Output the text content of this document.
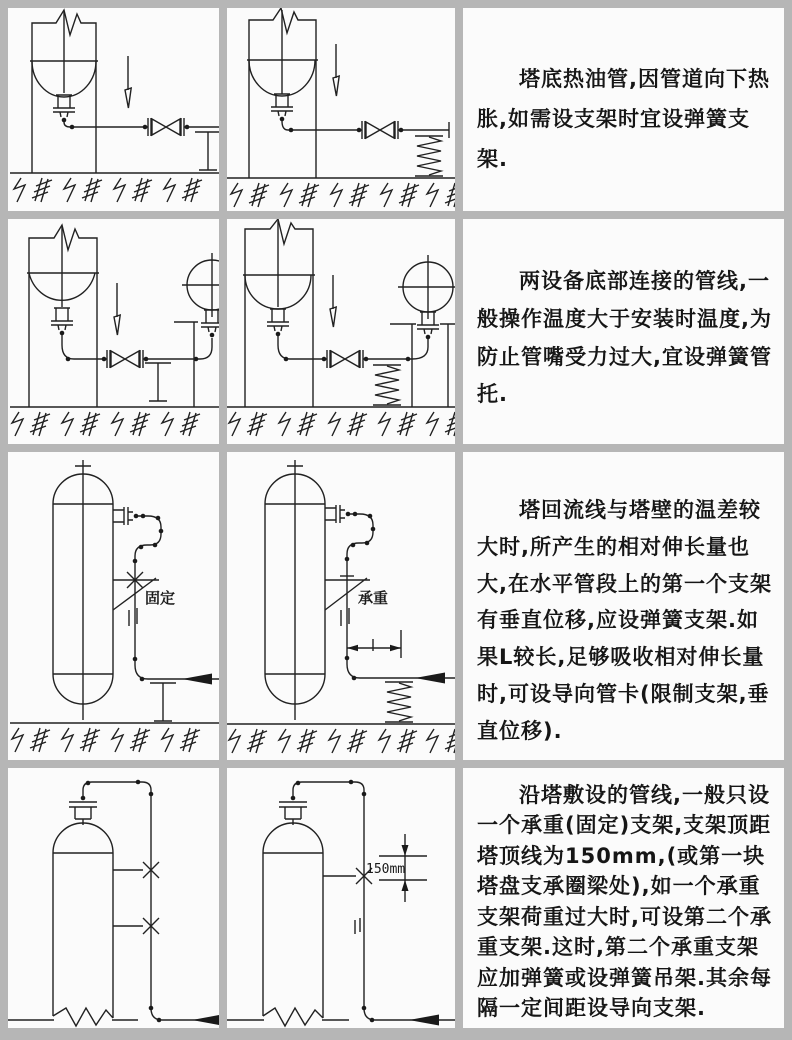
塔底热油管,因管道向下热胀,如需设支架时宜设弹簧支架.

两设备底部连接的管线,一般操作温度大于安装时温度,为防止管嘴受力过大,宜设弹簧管托.

固定	承重

塔回流线与塔壁的温差较大时,所产生的相对伸长量也大,在水平管段上的第一个支架有垂直位移,应设弹簧支架.如果L较长,足够吸收相对伸长量时,可设导向管卡(限制支架,垂直位移).

150mm

沿塔敷设的管线,一般只设一个承重(固定)支架,支架顶距塔顶线为150mm,(或第一块塔盘支承圈梁处),如一个承重支架荷重过大时,可设第二个承重支架.这时,第二个承重支架应加弹簧或设弹簧吊架.其余每隔一定间距设导向支架.
